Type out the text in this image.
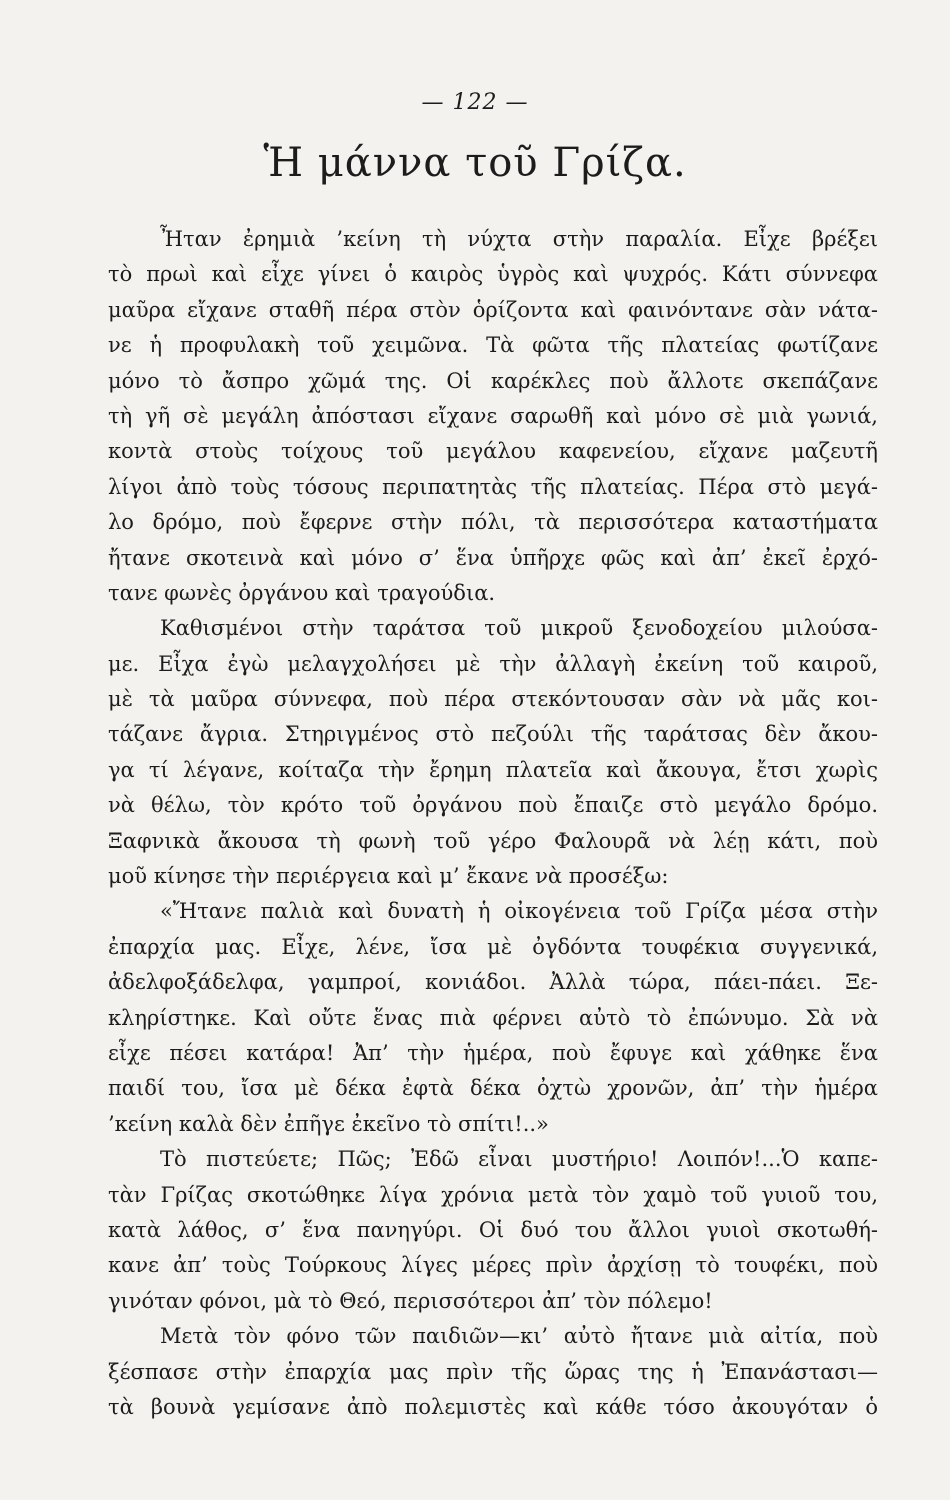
— 122 —
Ἡ μάννα τοῦ Γρίζα.
Ἦταν ἐρημιὰ ’κείνη τὴ νύχτα στὴν παραλία. Εἶχε βρέξει
τὸ πρωὶ καὶ εἶχε γίνει ὁ καιρὸς ὑγρὸς καὶ ψυχρός. Κάτι σύννεφα
μαῦρα εἴχανε σταθῆ πέρα στὸν ὁρίζοντα καὶ φαινόντανε σὰν νάτα-
νε ἡ προφυλακὴ τοῦ χειμῶνα. Τὰ φῶτα τῆς πλατείας φωτίζανε
μόνο τὸ ἄσπρο χῶμά της. Οἱ καρέκλες ποὺ ἄλλοτε σκεπάζανε
τὴ γῆ σὲ μεγάλη ἀπόστασι εἴχανε σαρωθῆ καὶ μόνο σὲ μιὰ γωνιά,
κοντὰ στοὺς τοίχους τοῦ μεγάλου καφενείου, εἴχανε μαζευτῆ
λίγοι ἀπὸ τοὺς τόσους περιπατητὰς τῆς πλατείας. Πέρα στὸ μεγά-
λο δρόμο, ποὺ ἔφερνε στὴν πόλι, τὰ περισσότερα καταστήματα
ἤτανε σκοτεινὰ καὶ μόνο σ’ ἕνα ὑπῆρχε φῶς καὶ ἀπ’ ἐκεῖ ἐρχό-
τανε φωνὲς ὀργάνου καὶ τραγούδια.
Καθισμένοι στὴν ταράτσα τοῦ μικροῦ ξενοδοχείου μιλούσα-
με. Εἶχα ἐγὼ μελαγχολήσει μὲ τὴν ἀλλαγὴ ἐκείνη τοῦ καιροῦ,
μὲ τὰ μαῦρα σύννεφα, ποὺ πέρα στεκόντουσαν σὰν νὰ μᾶς κοι-
τάζανε ἄγρια. Στηριγμένος στὸ πεζούλι τῆς ταράτσας δὲν ἄκου-
γα τί λέγανε, κοίταζα τὴν ἔρημη πλατεῖα καὶ ἄκουγα, ἔτσι χωρὶς
νὰ θέλω, τὸν κρότο τοῦ ὀργάνου ποὺ ἔπαιζε στὸ μεγάλο δρόμο.
Ξαφνικὰ ἄκουσα τὴ φωνὴ τοῦ γέρο Φαλουρᾶ νὰ λέῃ κάτι, ποὺ
μοῦ κίνησε τὴν περιέργεια καὶ μ’ ἔκανε νὰ προσέξω:
«Ἤτανε παλιὰ καὶ δυνατὴ ἡ οἰκογένεια τοῦ Γρίζα μέσα στὴν
ἐπαρχία μας. Εἶχε, λένε, ἴσα μὲ ὀγδόντα τουφέκια συγγενικά,
ἀδελφοξάδελφα, γαμπροί, κονιάδοι. Ἀλλὰ τώρα, πάει-πάει. Ξε-
κληρίστηκε. Καὶ οὔτε ἕνας πιὰ φέρνει αὐτὸ τὸ ἐπώνυμο. Σὰ νὰ
εἶχε πέσει κατάρα! Ἀπ’ τὴν ἡμέρα, ποὺ ἔφυγε καὶ χάθηκε ἕνα
παιδί του, ἴσα μὲ δέκα ἐφτὰ δέκα ὀχτὼ χρονῶν, ἀπ’ τὴν ἡμέρα
’κείνη καλὰ δὲν ἐπῆγε ἐκεῖνο τὸ σπίτι!..»
Τὸ πιστεύετε; Πῶς; Ἐδῶ εἶναι μυστήριο! Λοιπόν!...Ὁ καπε-
τὰν Γρίζας σκοτώθηκε λίγα χρόνια μετὰ τὸν χαμὸ τοῦ γυιοῦ του,
κατὰ λάθος, σ’ ἕνα πανηγύρι. Οἱ δυό του ἄλλοι γυιοὶ σκοτωθή-
κανε ἀπ’ τοὺς Τούρκους λίγες μέρες πρὶν ἀρχίσῃ τὸ τουφέκι, ποὺ
γινόταν φόνοι, μὰ τὸ Θεό, περισσότεροι ἀπ’ τὸν πόλεμο!
Μετὰ τὸν φόνο τῶν παιδιῶν—κι’ αὐτὸ ἤτανε μιὰ αἰτία, ποὺ
ξέσπασε στὴν ἐπαρχία μας πρὶν τῆς ὥρας της ἡ Ἐπανάστασι—
τὰ βουνὰ γεμίσανε ἀπὸ πολεμιστὲς καὶ κάθε τόσο ἀκουγόταν ὁ
